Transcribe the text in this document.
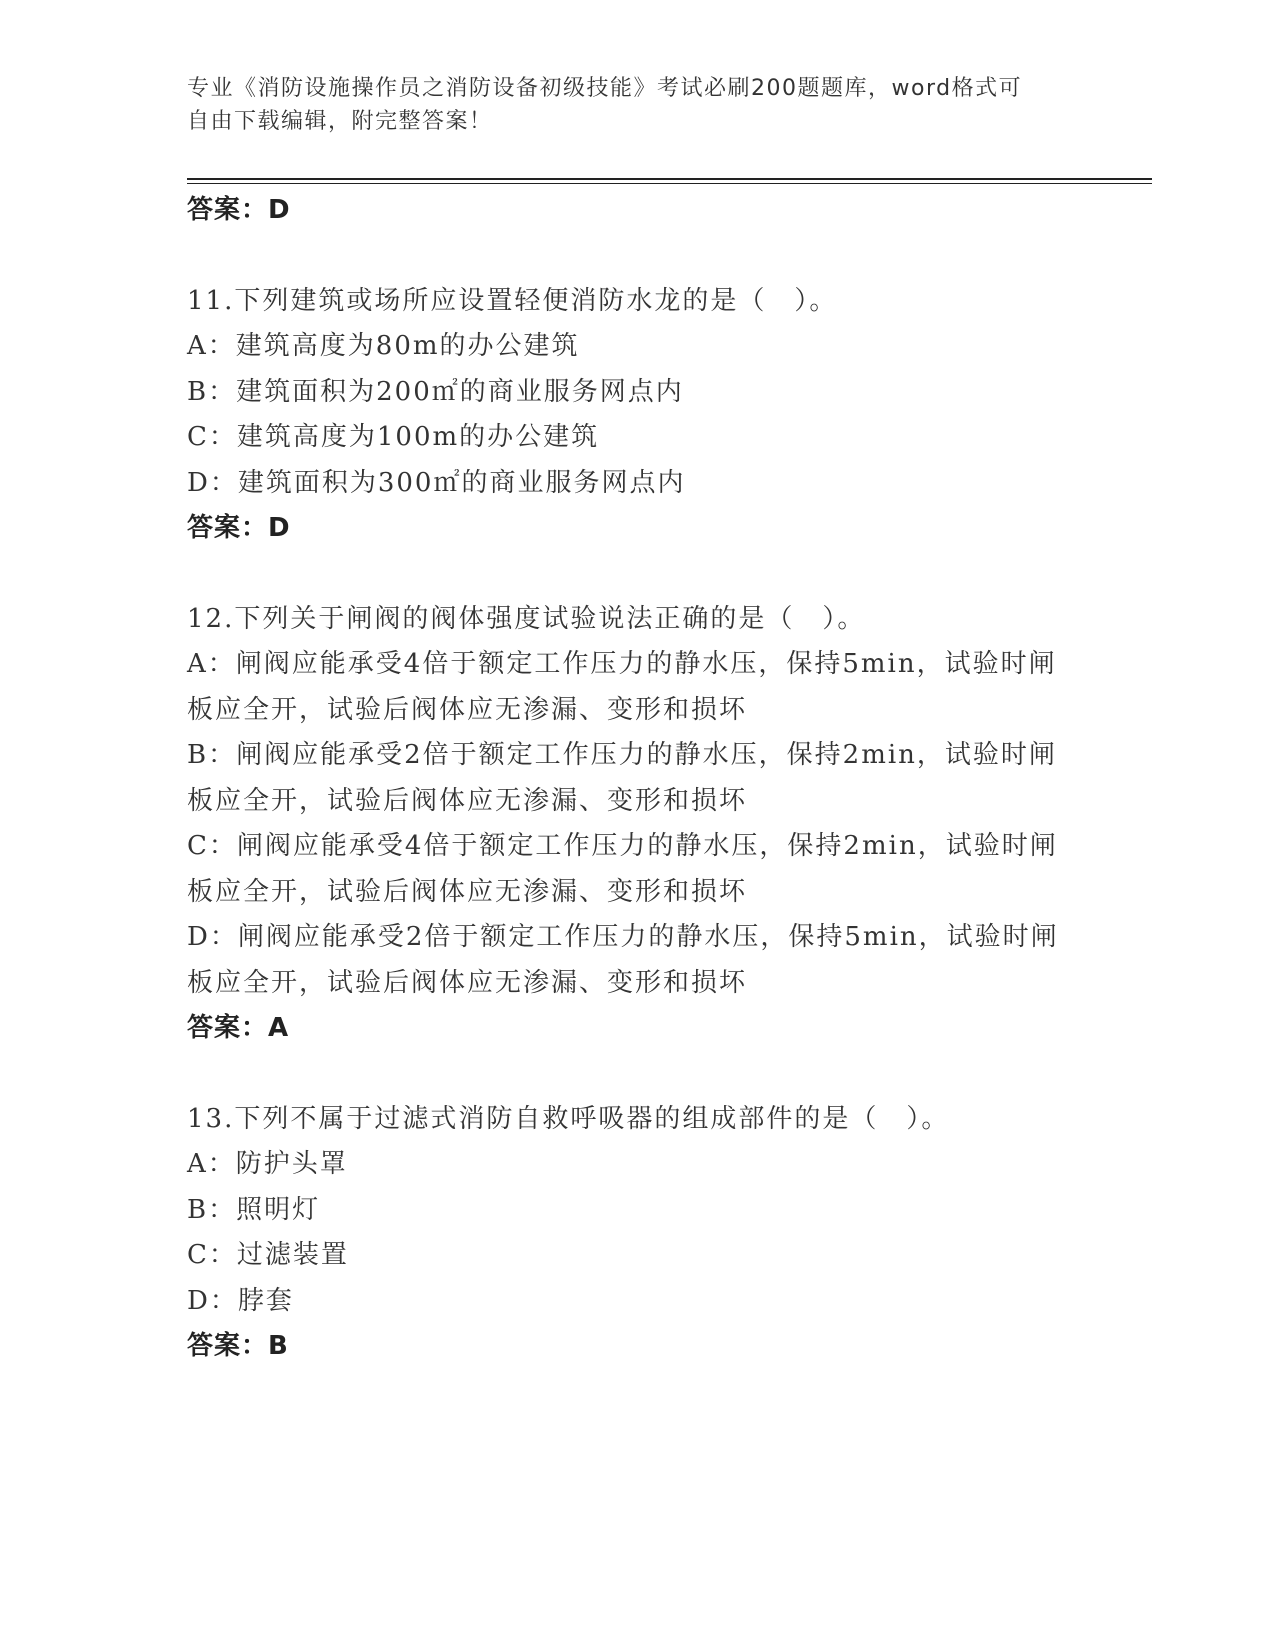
专业《消防设施操作员之消防设备初级技能》考试必刷200题题库，word格式可
自由下载编辑，附完整答案！
答案：D
11.下列建筑或场所应设置轻便消防水龙的是（　）。
A：建筑高度为80m的办公建筑
B：建筑面积为200㎡的商业服务网点内
C：建筑高度为100m的办公建筑
D：建筑面积为300㎡的商业服务网点内
答案：D
12.下列关于闸阀的阀体强度试验说法正确的是（　）。
A：闸阀应能承受4倍于额定工作压力的静水压，保持5min，试验时闸
板应全开，试验后阀体应无渗漏、变形和损坏
B：闸阀应能承受2倍于额定工作压力的静水压，保持2min，试验时闸
板应全开，试验后阀体应无渗漏、变形和损坏
C：闸阀应能承受4倍于额定工作压力的静水压，保持2min，试验时闸
板应全开，试验后阀体应无渗漏、变形和损坏
D：闸阀应能承受2倍于额定工作压力的静水压，保持5min，试验时闸
板应全开，试验后阀体应无渗漏、变形和损坏
答案：A
13.下列不属于过滤式消防自救呼吸器的组成部件的是（　）。
A：防护头罩
B：照明灯
C：过滤装置
D：脖套
答案：B
